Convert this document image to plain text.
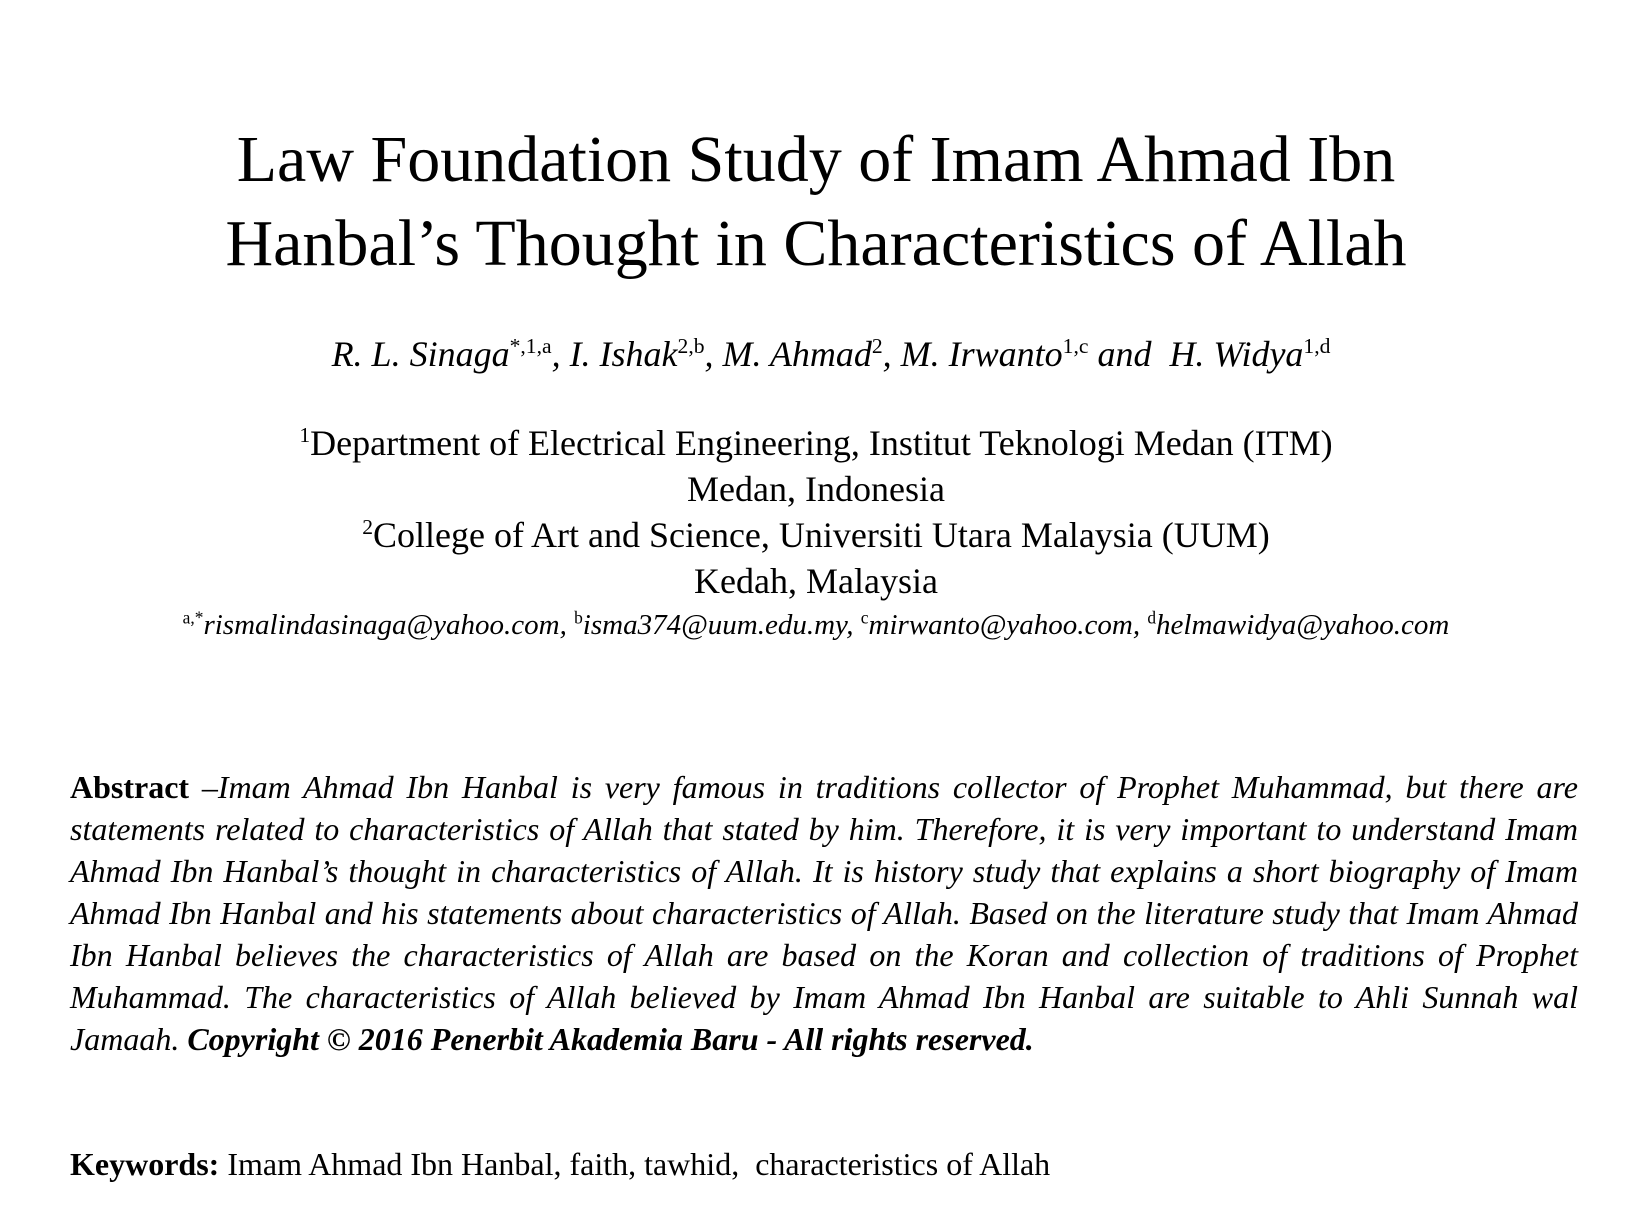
Law Foundation Study of Imam Ahmad Ibn
Hanbal’s Thought in Characteristics of Allah
R. L. Sinaga$^{*,1,a}$, I. Ishak$^{2,b}$, M. Ahmad$^2$, M. Irwanto$^{1,c}$ and  H. Widya$^{1,d}$
$^1$Department of Electrical Engineering, Institut Teknologi Medan (ITM)
Medan, Indonesia
$^2$College of Art and Science, Universiti Utara Malaysia (UUM)
Kedah, Malaysia
$^{a,*}$rismalindasinaga@yahoo.com, $^b$isma374@uum.edu.my, $^c$mirwanto@yahoo.com, $^d$helmawidya@yahoo.com

Abstract –Imam Ahmad Ibn Hanbal is very famous in traditions collector of Prophet Muhammad, but there are statements related to characteristics of Allah that stated by him. Therefore, it is very important to understand Imam Ahmad Ibn Hanbal’s thought in characteristics of Allah. It is history study that explains a short biography of Imam Ahmad Ibn Hanbal and his statements about characteristics of Allah. Based on the literature study that Imam Ahmad Ibn Hanbal believes the characteristics of Allah are based on the Koran and collection of traditions of Prophet Muhammad. The characteristics of Allah believed by Imam Ahmad Ibn Hanbal are suitable to Ahli Sunnah wal Jamaah. Copyright © 2016 Penerbit Akademia Baru - All rights reserved.

Keywords: Imam Ahmad Ibn Hanbal, faith, tawhid,  characteristics of Allah
